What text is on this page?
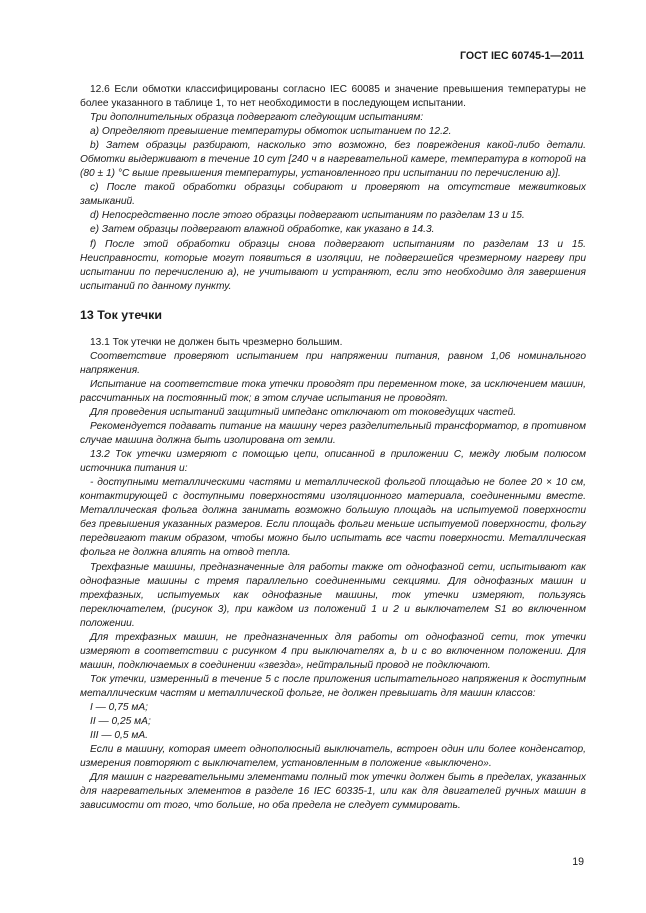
ГОСТ IEC 60745-1—2011

12.6 Если обмотки классифицированы согласно IEC 60085 и значение превышения температуры не более указанного в таблице 1, то нет необходимости в последующем испытании.

Три дополнительных образца подвергают следующим испытаниям:

a) Определяют превышение температуры обмоток испытанием по 12.2.

b) Затем образцы разбирают, насколько это возможно, без повреждения какой-либо детали. Обмотки выдерживают в течение 10 сут [240 ч в нагревательной камере, температура в которой на (80 ± 1) °C выше превышения температуры, установленного при испытании по перечислению a)].

c) После такой обработки образцы собирают и проверяют на отсутствие межвитковых замыканий.

d) Непосредственно после этого образцы подвергают испытаниям по разделам 13 и 15.

e) Затем образцы подвергают влажной обработке, как указано в 14.3.

f) После этой обработки образцы снова подвергают испытаниям по разделам 13 и 15. Неисправности, которые могут появиться в изоляции, не подвергшейся чрезмерному нагреву при испытании по перечислению a), не учитывают и устраняют, если это необходимо для завершения испытаний по данному пункту.

13 Ток утечки

13.1 Ток утечки не должен быть чрезмерно большим.

Соответствие проверяют испытанием при напряжении питания, равном 1,06 номинального напряжения.

Испытание на соответствие тока утечки проводят при переменном токе, за исключением машин, рассчитанных на постоянный ток; в этом случае испытания не проводят.

Для проведения испытаний защитный импеданс отключают от токоведущих частей.

Рекомендуется подавать питание на машину через разделительный трансформатор, в противном случае машина должна быть изолирована от земли.

13.2 Ток утечки измеряют с помощью цепи, описанной в приложении С, между любым полюсом источника питания и:

- доступными металлическими частями и металлической фольгой площадью не более 20 × 10 см, контактирующей с доступными поверхностями изоляционного материала, соединенными вместе. Металлическая фольга должна занимать возможно большую площадь на испытуемой поверхности без превышения указанных размеров. Если площадь фольги меньше испытуемой поверхности, фольгу передвигают таким образом, чтобы можно было испытать все части поверхности. Металлическая фольга не должна влиять на отвод тепла.

Трехфазные машины, предназначенные для работы также от однофазной сети, испытывают как однофазные машины с тремя параллельно соединенными секциями. Для однофазных машин и трехфазных, испытуемых как однофазные машины, ток утечки измеряют, пользуясь переключателем, (рисунок 3), при каждом из положений 1 и 2 и выключателем S1 во включенном положении.

Для трехфазных машин, не предназначенных для работы от однофазной сети, ток утечки измеряют в соответствии с рисунком 4 при выключателях a, b и c во включенном положении. Для машин, подключаемых в соединении «звезда», нейтральный провод не подключают.

Ток утечки, измеренный в течение 5 с после приложения испытательного напряжения к доступным металлическим частям и металлической фольге, не должен превышать для машин классов:

I — 0,75 мА;

II — 0,25 мА;

III — 0,5 мА.

Если в машину, которая имеет однополюсный выключатель, встроен один или более конденсатор, измерения повторяют с выключателем, установленным в положение «выключено».

Для машин с нагревательными элементами полный ток утечки должен быть в пределах, указанных для нагревательных элементов в разделе 16 IEC 60335-1, или как для двигателей ручных машин в зависимости от того, что больше, но оба предела не следует суммировать.

19
